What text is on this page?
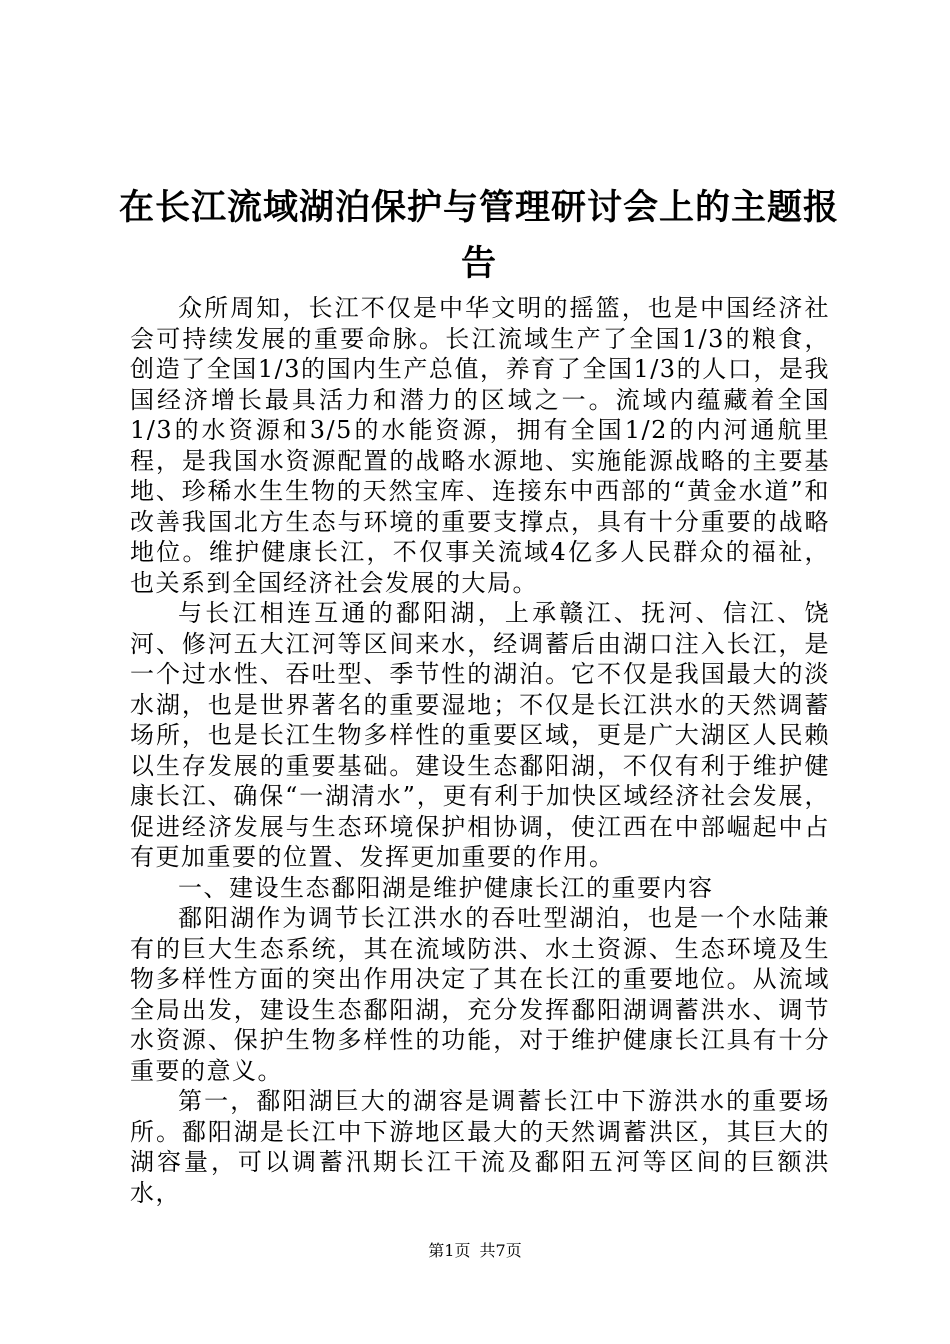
在长江流域湖泊保护与管理研讨会上的主题报告

众所周知，长江不仅是中华文明的摇篮，也是中国经济社会可持续发展的重要命脉。长江流域生产了全国1/3的粮食，创造了全国1/3的国内生产总值，养育了全国1/3的人口，是我国经济增长最具活力和潜力的区域之一。流域内蕴藏着全国1/3的水资源和3/5的水能资源，拥有全国1/2的内河通航里程，是我国水资源配置的战略水源地、实施能源战略的主要基地、珍稀水生生物的天然宝库、连接东中西部的“黄金水道”和改善我国北方生态与环境的重要支撑点，具有十分重要的战略地位。维护健康长江，不仅事关流域4亿多人民群众的福祉，也关系到全国经济社会发展的大局。

与长江相连互通的鄱阳湖，上承赣江、抚河、信江、饶河、修河五大江河等区间来水，经调蓄后由湖口注入长江，是一个过水性、吞吐型、季节性的湖泊。它不仅是我国最大的淡水湖，也是世界著名的重要湿地；不仅是长江洪水的天然调蓄场所，也是长江生物多样性的重要区域，更是广大湖区人民赖以生存发展的重要基础。建设生态鄱阳湖，不仅有利于维护健康长江、确保“一湖清水”，更有利于加快区域经济社会发展，促进经济发展与生态环境保护相协调，使江西在中部崛起中占有更加重要的位置、发挥更加重要的作用。

一、建设生态鄱阳湖是维护健康长江的重要内容

鄱阳湖作为调节长江洪水的吞吐型湖泊，也是一个水陆兼有的巨大生态系统，其在流域防洪、水土资源、生态环境及生物多样性方面的突出作用决定了其在长江的重要地位。从流域全局出发，建设生态鄱阳湖，充分发挥鄱阳湖调蓄洪水、调节水资源、保护生物多样性的功能，对于维护健康长江具有十分重要的意义。

第一，鄱阳湖巨大的湖容是调蓄长江中下游洪水的重要场所。鄱阳湖是长江中下游地区最大的天然调蓄洪区，其巨大的湖容量，可以调蓄汛期长江干流及鄱阳五河等区间的巨额洪水，

第1页 共7页
